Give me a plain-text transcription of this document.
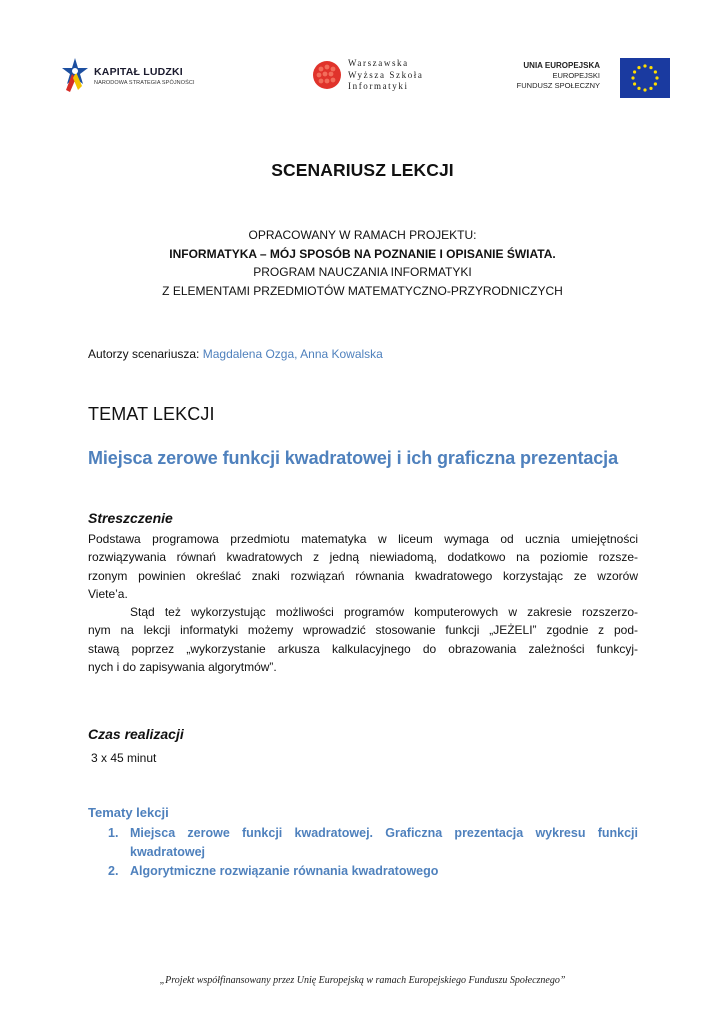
KAPITAŁ LUDZKI
NARODOWA STRATEGIA SPÓJNOŚCI
Warszawska
Wyższa Szkoła
Informatyki
UNIA EUROPEJSKA
EUROPEJSKI
FUNDUSZ SPOŁECZNY
SCENARIUSZ LEKCJI
OPRACOWANY W RAMACH PROJEKTU:
INFORMATYKA – MÓJ SPOSÓB NA POZNANIE I OPISANIE ŚWIATA.
PROGRAM NAUCZANIA INFORMATYKI
Z ELEMENTAMI PRZEDMIOTÓW MATEMATYCZNO-PRZYRODNICZYCH
Autorzy scenariusza: Magdalena Ozga, Anna Kowalska
TEMAT LEKCJI
Miejsca zerowe funkcji kwadratowej i ich graficzna prezentacja
Streszczenie
Podstawa programowa przedmiotu matematyka w liceum wymaga od ucznia umiejętności
rozwiązywania równań kwadratowych z jedną niewiadomą, dodatkowo na poziomie rozsze-
rzonym powinien określać znaki rozwiązań równania kwadratowego korzystając ze wzorów
Viete’a.
Stąd też wykorzystując możliwości programów komputerowych w zakresie rozszerzo-
nym na lekcji informatyki możemy wprowadzić stosowanie funkcji „JEŻELI” zgodnie z pod-
stawą poprzez „wykorzystanie arkusza kalkulacyjnego do obrazowania zależności funkcyj-
nych i do zapisywania algorytmów”.
Czas realizacji
3 x 45 minut
Tematy lekcji
1. Miejsca zerowe funkcji kwadratowej. Graficzna prezentacja wykresu funkcji
kwadratowej
2. Algorytmiczne rozwiązanie równania kwadratowego
„Projekt współfinansowany przez Unię Europejską w ramach Europejskiego Funduszu Społecznego”
